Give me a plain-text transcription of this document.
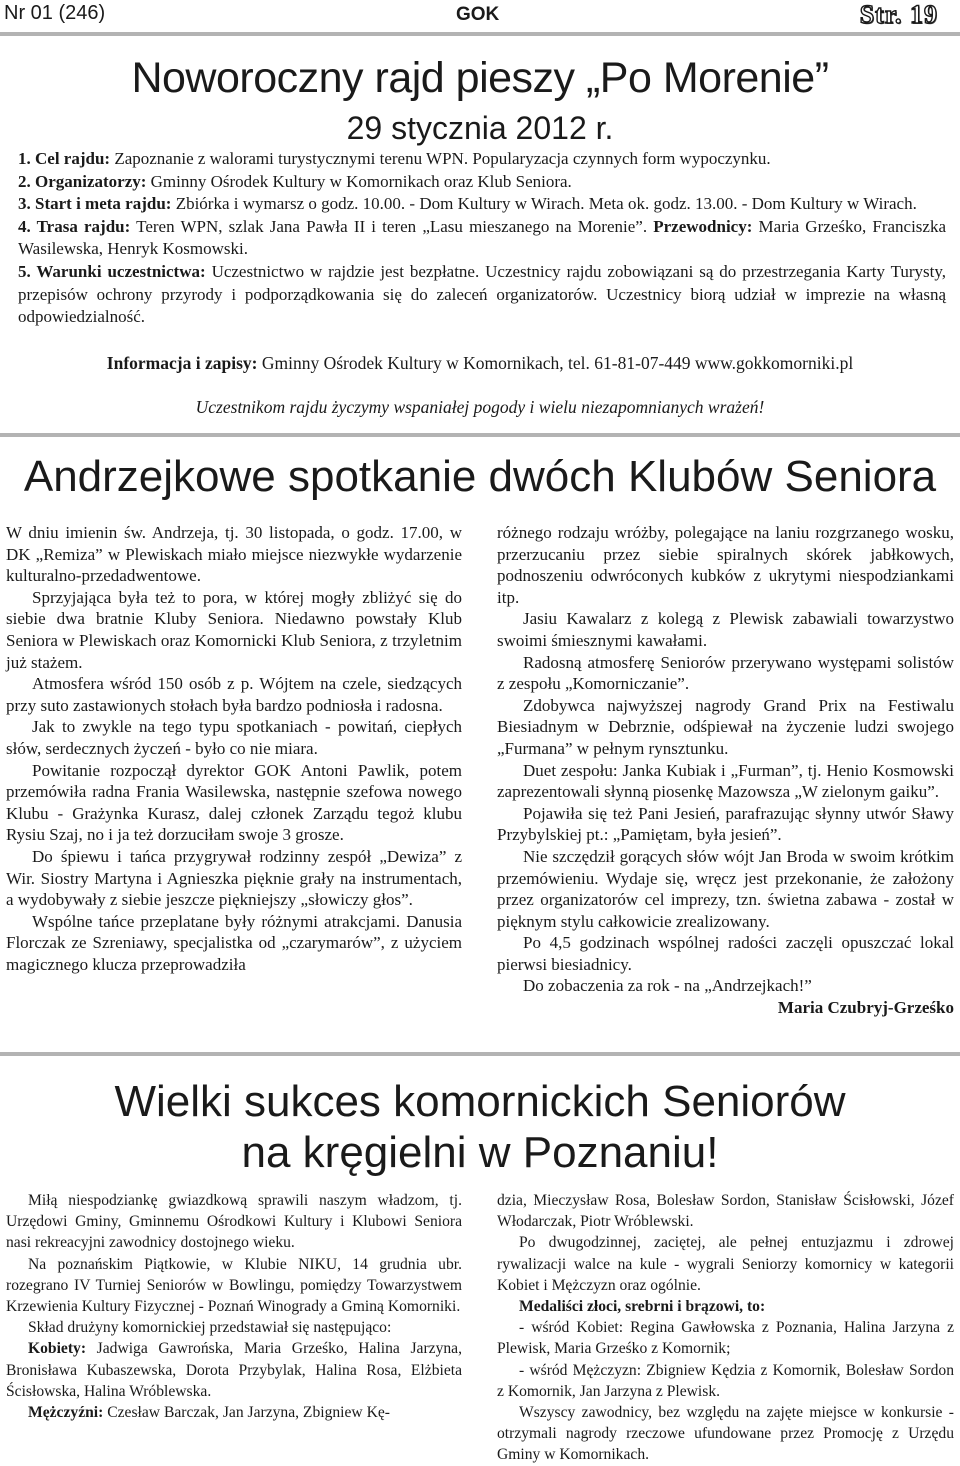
Nr 01 (246)	GOK	Str. 19
Noworoczny rajd pieszy „Po Morenie”
29 stycznia 2012 r.

1. Cel rajdu: Zapoznanie z walorami turystycznymi terenu WPN. Popularyzacja czynnych form wypoczynku.

2. Organizatorzy: Gminny Ośrodek Kultury w Komornikach oraz Klub Seniora.

3. Start i meta rajdu: Zbiórka i wymarsz o godz. 10.00. - Dom Kultury w Wirach. Meta ok. godz. 13.00. - Dom Kultury w Wirach.

4. Trasa rajdu: Teren WPN, szlak Jana Pawła II i teren „Lasu mieszanego na Morenie”. Przewodnicy: Maria Grześko, Franciszka Wasilewska, Henryk Kosmowski.

5. Warunki uczestnictwa: Uczestnictwo w rajdzie jest bezpłatne. Uczestnicy rajdu zobowiązani są do przestrzegania Karty Turysty, przepisów ochrony przyrody i podporządkowania się do zaleceń organizatorów. Uczestnicy biorą udział w imprezie na własną odpowiedzialność.

Informacja i zapisy: Gminny Ośrodek Kultury w Komornikach, tel. 61-81-07-449 www.gokkomorniki.pl
Uczestnikom rajdu życzymy wspaniałej pogody i wielu niezapomnianych wrażeń!
Andrzejkowe spotkanie dwóch Klubów Seniora

W dniu imienin św. Andrzeja, tj. 30 listopada, o godz. 17.00, w DK „Remiza” w Plewiskach miało miejsce niezwykłe wydarzenie kulturalno-przedadwentowe.

Sprzyjająca była też to pora, w której mogły zbliżyć się do siebie dwa bratnie Kluby Seniora. Niedawno powstały Klub Seniora w Plewiskach oraz Komornicki Klub Seniora, z trzyletnim już stażem.

Atmosfera wśród 150 osób z p. Wójtem na czele, siedzących przy suto zastawionych stołach była bardzo podniosła i radosna.

Jak to zwykle na tego typu spotkaniach - powitań, ciepłych słów, serdecznych życzeń - było co nie miara.

Powitanie rozpoczął dyrektor GOK Antoni Pawlik, potem przemówiła radna Frania Wasilewska, następnie szefowa nowego Klubu - Grażynka Kurasz, dalej członek Zarządu tegoż klubu Rysiu Szaj, no i ja też dorzuciłam swoje 3 grosze.

Do śpiewu i tańca przygrywał rodzinny zespół „Dewiza” z Wir. Siostry Martyna i Agnieszka pięknie grały na instrumentach, a wydobywały z siebie jeszcze piękniejszy „słowiczy głos”.

Wspólne tańce przeplatane były różnymi atrakcjami. Danusia Florczak ze Szreniawy, specjalistka od „czarymarów”, z użyciem magicznego klucza przeprowadziła

różnego rodzaju wróżby, polegające na laniu rozgrzanego wosku, przerzucaniu przez siebie spiralnych skórek jabłkowych, podnoszeniu odwróconych kubków z ukrytymi niespodziankami itp.

Jasiu Kawalarz z kolegą z Plewisk zabawiali towarzystwo swoimi śmiesznymi kawałami.

Radosną atmosferę Seniorów przerywano występami solistów z zespołu „Komorniczanie”.

Zdobywca najwyższej nagrody Grand Prix na Festiwalu Biesiadnym w Debrznie, odśpiewał na życzenie ludzi swojego „Furmana” w pełnym rynsztunku.

Duet zespołu: Janka Kubiak i „Furman”, tj. Henio Kosmowski zaprezentowali słynną piosenkę Mazowsza „W zielonym gaiku”.

Pojawiła się też Pani Jesień, parafrazując słynny utwór Sławy Przybylskiej pt.: „Pamiętam, była jesień”.

Nie szczędził gorących słów wójt Jan Broda w swoim krótkim przemówieniu. Wydaje się, wręcz jest przekonanie, że założony przez organizatorów cel imprezy, tzn. świetna zabawa - został w pięknym stylu całkowicie zrealizowany.

Po 4,5 godzinach wspólnej radości zaczęli opuszczać lokal pierwsi biesiadnicy.

Do zobaczenia za rok - na „Andrzejkach!”

Maria Czubryj-Grześko

Wielki sukces komornickich Seniorów
na kręgielni w Poznaniu!

Miłą niespodziankę gwiazdkową sprawili naszym władzom, tj. Urzędowi Gminy, Gminnemu Ośrodkowi Kultury i Klubowi Seniora nasi rekreacyjni zawodnicy dostojnego wieku.

Na poznańskim Piątkowie, w Klubie NIKU, 14 grudnia ubr. rozegrano IV Turniej Seniorów w Bowlingu, pomiędzy Towarzystwem Krzewienia Kultury Fizycznej - Poznań Winogrady a Gminą Komorniki.

Skład drużyny komornickiej przedstawiał się następująco:

Kobiety: Jadwiga Gawrońska, Maria Grześko, Halina Jarzyna, Bronisława Kubaszewska, Dorota Przybylak, Halina Rosa, Elżbieta Ścisłowska, Halina Wróblewska.

Mężczyźni: Czesław Barczak, Jan Jarzyna, Zbigniew Kę-

dzia, Mieczysław Rosa, Bolesław Sordon, Stanisław Ścisłowski, Józef Włodarczak, Piotr Wróblewski.

Po dwugodzinnej, zaciętej, ale pełnej entuzjazmu i zdrowej rywalizacji walce na kule - wygrali Seniorzy komornicy w kategorii Kobiet i Mężczyzn oraz ogólnie.

Medaliści złoci, srebrni i brązowi, to:

- wśród Kobiet: Regina Gawłowska z Poznania, Halina Jarzyna z Plewisk, Maria Grześko z Komornik;

- wśród Mężczyzn: Zbigniew Kędzia z Komornik, Bolesław Sordon z Komornik, Jan Jarzyna z Plewisk.

Wszyscy zawodnicy, bez względu na zajęte miejsce w konkursie - otrzymali nagrody rzeczowe ufundowane przez Promocję z Urzędu Gminy w Komornikach.
